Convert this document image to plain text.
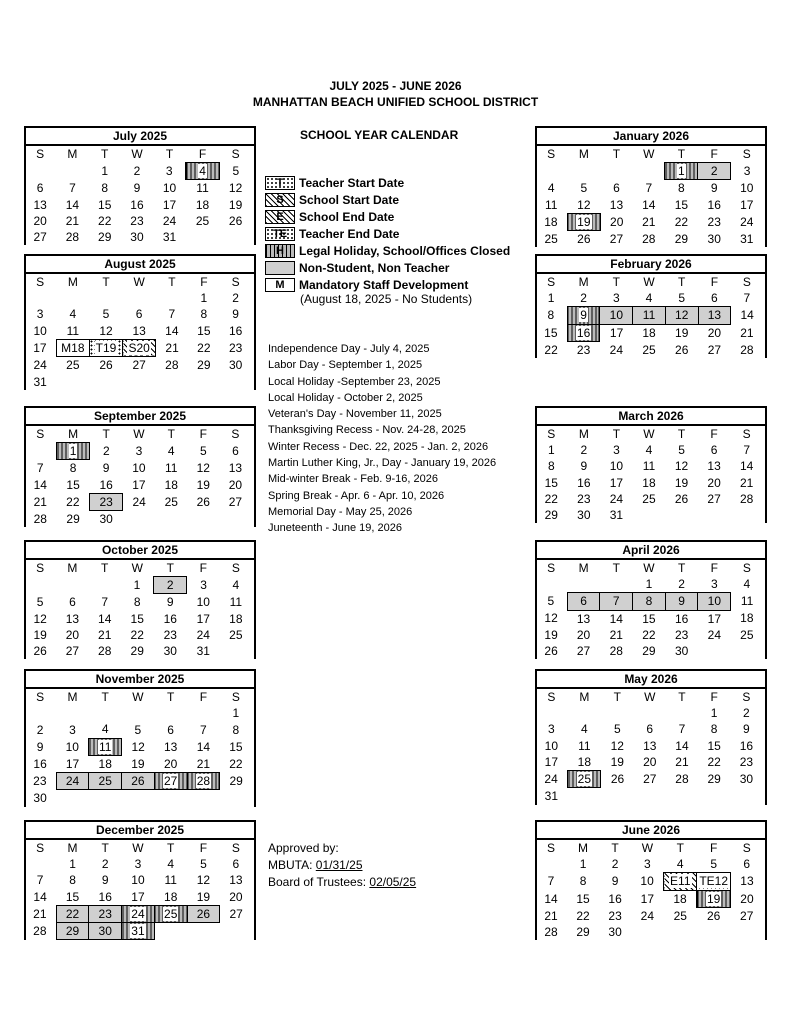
JULY 2025 - JUNE 2026
MANHATTAN BEACH UNIFIED SCHOOL DISTRICT
SCHOOL YEAR CALENDAR
T	Teacher Start Date
S	School Start Date
E	School End Date
TE Teacher End Date
H	Legal Holiday, School/Offices Closed
Non-Student, Non Teacher
M	Mandatory Staff Development
(August 18, 2025 - No Students)
Independence Day - July 4, 2025
Labor Day - September 1, 2025
Local Holiday -September 23, 2025
Local Holiday - October 2, 2025
Veteran's Day - November 11, 2025
Thanksgiving Recess - Nov. 24-28, 2025
Winter Recess - Dec. 22, 2025 - Jan. 2, 2026
Martin Luther King, Jr., Day - January 19, 2026
Mid-winter Break - Feb. 9-16, 2026
Spring Break - Apr. 6 - Apr. 10, 2026
Memorial Day - May 25, 2026
Juneteenth - June 19, 2026
Approved by:
MBUTA: 01/31/25
Board of Trustees: 02/05/25
July 2025
S	M	T	W	T	F	S
		1	2	3	4	5
6	7	8	9	10	11	12
13	14	15	16	17	18	19
20	21	22	23	24	25	26
27	28	29	30	31		
August 2025
S	M	T	W	T	F	S
					1	2
3	4	5	6	7	8	9
10	11	12	13	14	15	16
17	M18	T19	S20	21	22	23
24	25	26	27	28	29	30
31						
September 2025
S	M	T	W	T	F	S
	1	2	3	4	5	6
7	8	9	10	11	12	13
14	15	16	17	18	19	20
21	22	23	24	25	26	27
28	29	30				
October 2025
S	M	T	W	T	F	S
			1	2	3	4
5	6	7	8	9	10	11
12	13	14	15	16	17	18
19	20	21	22	23	24	25
26	27	28	29	30	31	
November 2025
S	M	T	W	T	F	S
						1
2	3	4	5	6	7	8
9	10	11	12	13	14	15
16	17	18	19	20	21	22
23	24	25	26	27	28	29
30						
December 2025
S	M	T	W	T	F	S
	1	2	3	4	5	6
7	8	9	10	11	12	13
14	15	16	17	18	19	20
21	22	23	24	25	26	27
28	29	30	31			
January 2026
S	M	T	W	T	F	S
				1	2	3
4	5	6	7	8	9	10
11	12	13	14	15	16	17
18	19	20	21	22	23	24
25	26	27	28	29	30	31
February 2026
S	M	T	W	T	F	S
1	2	3	4	5	6	7
8	9	10	11	12	13	14
15	16	17	18	19	20	21
22	23	24	25	26	27	28
March 2026
S	M	T	W	T	F	S
1	2	3	4	5	6	7
8	9	10	11	12	13	14
15	16	17	18	19	20	21
22	23	24	25	26	27	28
29	30	31				
April 2026
S	M	T	W	T	F	S
			1	2	3	4
5	6	7	8	9	10	11
12	13	14	15	16	17	18
19	20	21	22	23	24	25
26	27	28	29	30		
May 2026
S	M	T	W	T	F	S
					1	2
3	4	5	6	7	8	9
10	11	12	13	14	15	16
17	18	19	20	21	22	23
24	25	26	27	28	29	30
31						
June 2026
S	M	T	W	T	F	S
	1	2	3	4	5	6
7	8	9	10	E11	TE12	13
14	15	16	17	18	19	20
21	22	23	24	25	26	27
28	29	30				
